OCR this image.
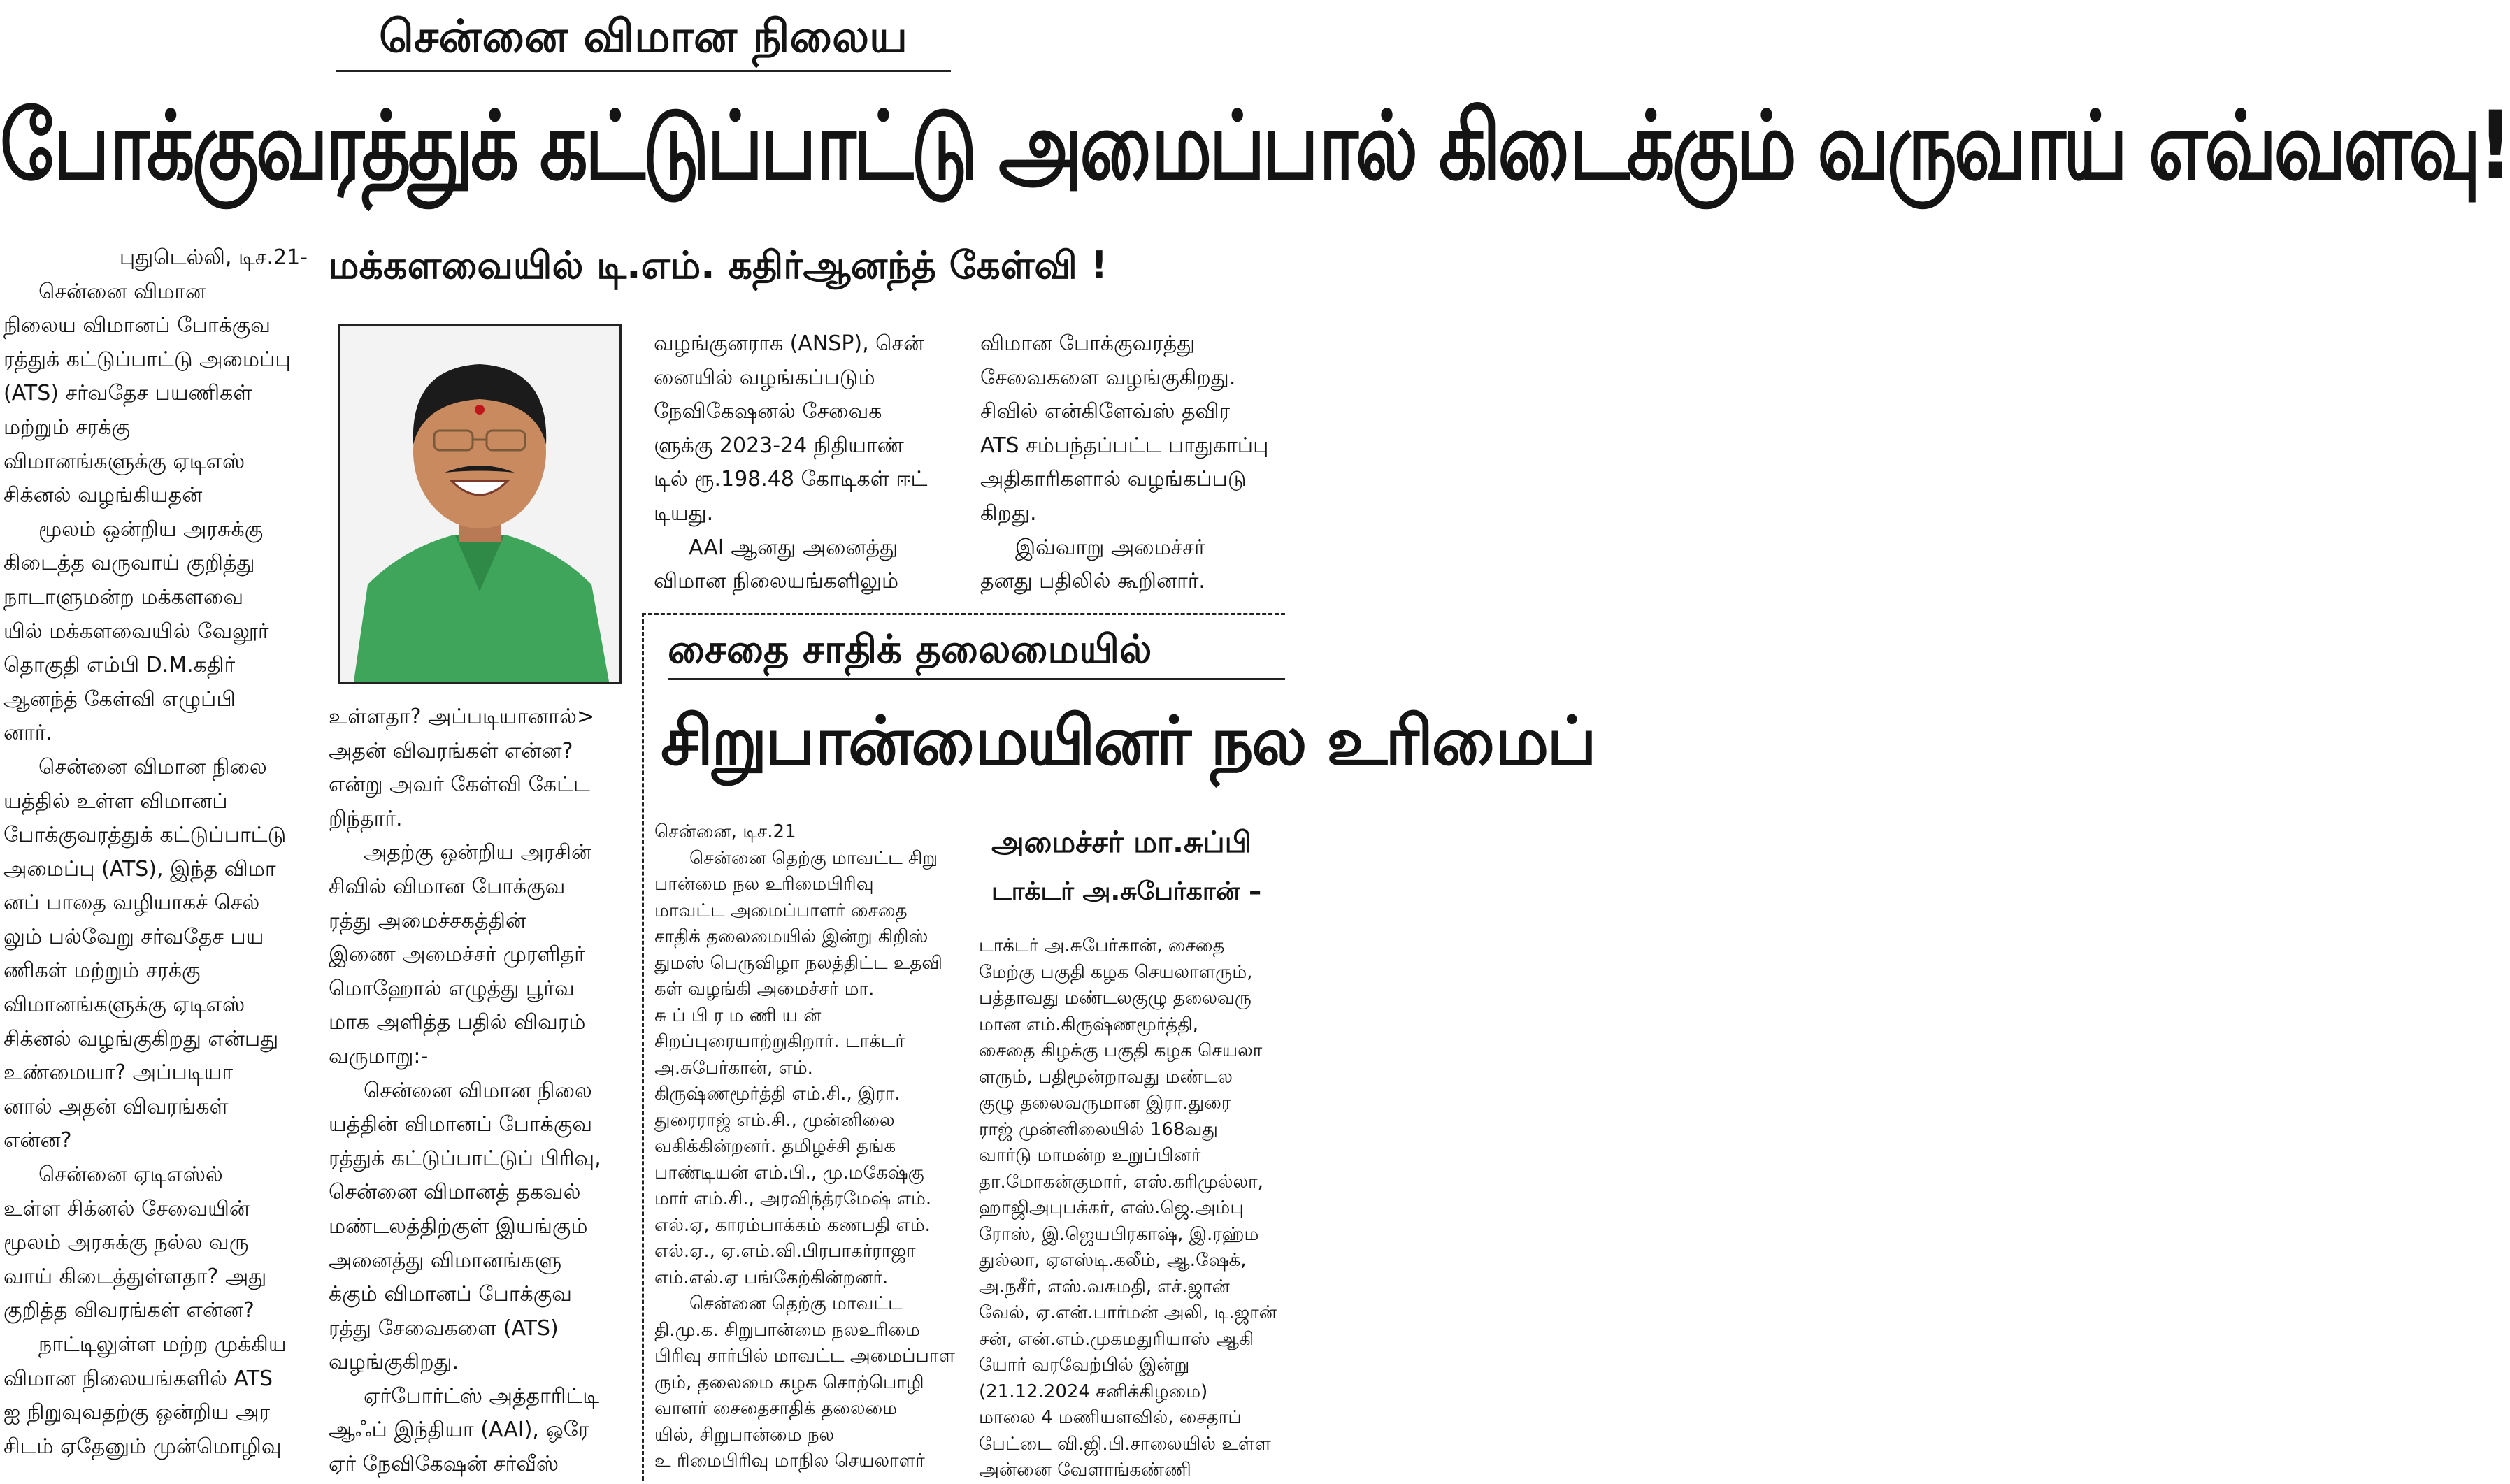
சென்னை விமான நிலைய
போக்குவரத்துக் கட்டுப்பாட்டு அமைப்பால் கிடைக்கும் வருவாய் எவ்வளவு!
மக்களவையில் டி.எம். கதிர்ஆனந்த் கேள்வி !
புதுடெல்லி, டிச.21-
சென்னை விமான
நிலைய விமானப் போக்குவ
ரத்துக் கட்டுப்பாட்டு அமைப்பு
(ATS) சர்வதேச பயணிகள்
மற்றும் சரக்கு
விமானங்களுக்கு ஏடிஎஸ்
சிக்னல் வழங்கியதன்
மூலம் ஒன்றிய அரசுக்கு
கிடைத்த வருவாய் குறித்து
நாடாளுமன்ற மக்களவை
யில் மக்களவையில் வேலூர்
தொகுதி எம்பி D.M.கதிர்
ஆனந்த் கேள்வி எழுப்பி
னார்.
சென்னை விமான நிலை
யத்தில் உள்ள விமானப்
போக்குவரத்துக் கட்டுப்பாட்டு
அமைப்பு (ATS), இந்த விமா
னப் பாதை வழியாகச் செல்
லும் பல்வேறு சர்வதேச பய
ணிகள் மற்றும் சரக்கு
விமானங்களுக்கு ஏடிஎஸ்
சிக்னல் வழங்குகிறது என்பது
உண்மையா? அப்படியா
னால் அதன் விவரங்கள்
என்ன?
சென்னை ஏடிஎஸ்ல்
உள்ள சிக்னல் சேவையின்
மூலம் அரசுக்கு நல்ல வரு
வாய் கிடைத்துள்ளதா? அது
குறித்த விவரங்கள் என்ன?
நாட்டிலுள்ள மற்ற முக்கிய
விமான நிலையங்களில் ATS
ஐ நிறுவுவதற்கு ஒன்றிய அர
சிடம் ஏதேனும் முன்மொழிவு
உள்ளதா? அப்படியானால்>
அதன் விவரங்கள் என்ன?
என்று அவர் கேள்வி கேட்ட
றிந்தார்.
அதற்கு ஒன்றிய அரசின்
சிவில் விமான போக்குவ
ரத்து அமைச்சகத்தின்
இணை அமைச்சர் முரளிதர்
மொஹோல் எழுத்து பூர்வ
மாக அளித்த பதில் விவரம்
வருமாறு:-
சென்னை விமான நிலை
யத்தின் விமானப் போக்குவ
ரத்துக் கட்டுப்பாட்டுப் பிரிவு,
சென்னை விமானத் தகவல்
மண்டலத்திற்குள் இயங்கும்
அனைத்து விமானங்களு
க்கும் விமானப் போக்குவ
ரத்து சேவைகளை (ATS)
வழங்குகிறது.
ஏர்போர்ட்ஸ் அத்தாரிட்டி
ஆஃப் இந்தியா (AAI), ஒரே
ஏர் நேவிகேஷன் சர்வீஸ்
வழங்குனராக (ANSP), சென்
னையில் வழங்கப்படும்
நேவிகேஷனல் சேவைக
ளுக்கு 2023-24 நிதியாண்
டில் ரூ.198.48 கோடிகள் ஈட்
டியது.
AAI ஆனது அனைத்து
விமான நிலையங்களிலும்
விமான போக்குவரத்து
சேவைகளை வழங்குகிறது.
சிவில் என்கிளேவ்ஸ் தவிர
ATS சம்பந்தப்பட்ட பாதுகாப்பு
அதிகாரிகளால் வழங்கப்படு
கிறது.
இவ்வாறு அமைச்சர்
தனது பதிலில் கூறினார்.
சைதை சாதிக் தலைமையில்
சிறுபான்மையினர் நல உரிமைப்
சென்னை, டிச.21
சென்னை தெற்கு மாவட்ட சிறு
பான்மை நல உரிமைபிரிவு
மாவட்ட அமைப்பாளர் சைதை
சாதிக் தலைமையில் இன்று கிறிஸ்
துமஸ் பெருவிழா நலத்திட்ட உதவி
கள் வழங்கி அமைச்சர் மா.
சு ப் பி ர ம ணி ய ன்
சிறப்புரையாற்றுகிறார். டாக்டர்
அ.சுபேர்கான், எம்.
கிருஷ்ணமூர்த்தி எம்.சி., இரா.
துரைராஜ் எம்.சி., முன்னிலை
வகிக்கின்றனர். தமிழச்சி தங்க
பாண்டியன் எம்.பி., மு.மகேஷ்கு
மார் எம்.சி., அரவிந்த்ரமேஷ் எம்.
எல்.ஏ, காரம்பாக்கம் கணபதி எம்.
எல்.ஏ., ஏ.எம்.வி.பிரபாகர்ராஜா
எம்.எல்.ஏ பங்கேற்கின்றனர்.
சென்னை தெற்கு மாவட்ட
தி.மு.க. சிறுபான்மை நலஉரிமை
பிரிவு சார்பில் மாவட்ட அமைப்பாள
ரும், தலைமை கழக சொற்பொழி
வாளர் சைதைசாதிக் தலைமை
யில், சிறுபான்மை நல
உ ரிமைபிரிவு மாநில செயலாளர்
அமைச்சர் மா.சுப்பி
டாக்டர் அ.சுபேர்கான் –
டாக்டர் அ.சுபேர்கான், சைதை
மேற்கு பகுதி கழக செயலாளரும்,
பத்தாவது மண்டலகுழு தலைவரு
மான எம்.கிருஷ்ணமூர்த்தி,
சைதை கிழக்கு பகுதி கழக செயலா
ளரும், பதிமூன்றாவது மண்டல
குழு தலைவருமான இரா.துரை
ராஜ் முன்னிலையில் 168வது
வார்டு மாமன்ற உறுப்பினர்
தா.மோகன்குமார், எஸ்.கரிமுல்லா,
ஹாஜிஅபுபக்கர், எஸ்.ஜெ.அம்பு
ரோஸ், இ.ஜெயபிரகாஷ், இ.ரஹ்ம
துல்லா, ஏஎஸ்டி.கலீம், ஆ.ஷேக்,
அ.நசீர், எஸ்.வசுமதி, எச்.ஜான்
வேல், ஏ.என்.பார்மன் அலி, டி.ஜான்
சன், என்.எம்.முகமதுரியாஸ் ஆகி
யோர் வரவேற்பில் இன்று
(21.12.2024 சனிக்கிழமை)
மாலை 4 மணியளவில், சைதாப்
பேட்டை வி.ஜி.பி.சாலையில் உள்ள
அன்னை வேளாங்கண்ணி
